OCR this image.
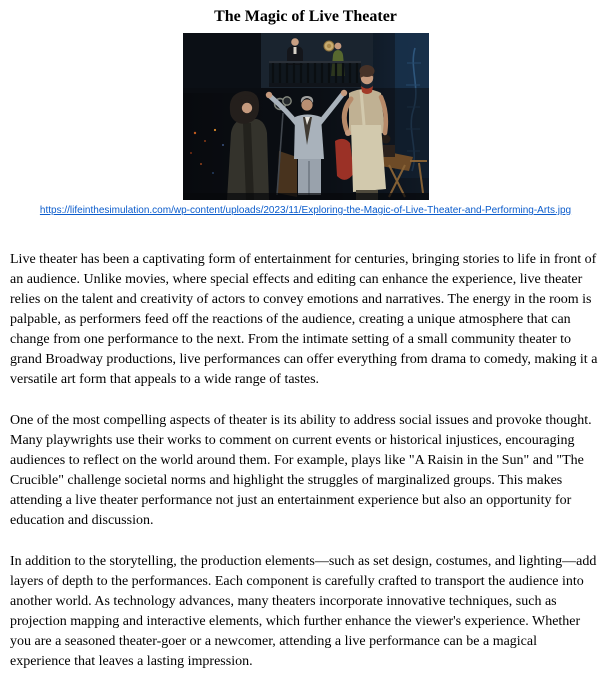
The Magic of Live Theater
https://lifeinthesimulation.com/wp-content/uploads/2023/11/Exploring-the-Magic-of-Live-Theater-and-Performing-Arts.jpg

Live theater has been a captivating form of entertainment for centuries, bringing stories to life in front of an audience. Unlike movies, where special effects and editing can enhance the experience, live theater relies on the talent and creativity of actors to convey emotions and narratives. The energy in the room is palpable, as performers feed off the reactions of the audience, creating a unique atmosphere that can change from one performance to the next. From the intimate setting of a small community theater to grand Broadway productions, live performances can offer everything from drama to comedy, making it a versatile art form that appeals to a wide range of tastes.

One of the most compelling aspects of theater is its ability to address social issues and provoke thought. Many playwrights use their works to comment on current events or historical injustices, encouraging audiences to reflect on the world around them. For example, plays like "A Raisin in the Sun" and "The Crucible" challenge societal norms and highlight the struggles of marginalized groups. This makes attending a live theater performance not just an entertainment experience but also an opportunity for education and discussion.

In addition to the storytelling, the production elements—such as set design, costumes, and lighting—add layers of depth to the performances. Each component is carefully crafted to transport the audience into another world. As technology advances, many theaters incorporate innovative techniques, such as projection mapping and interactive elements, which further enhance the viewer's experience. Whether you are a seasoned theater-goer or a newcomer, attending a live performance can be a magical experience that leaves a lasting impression.
